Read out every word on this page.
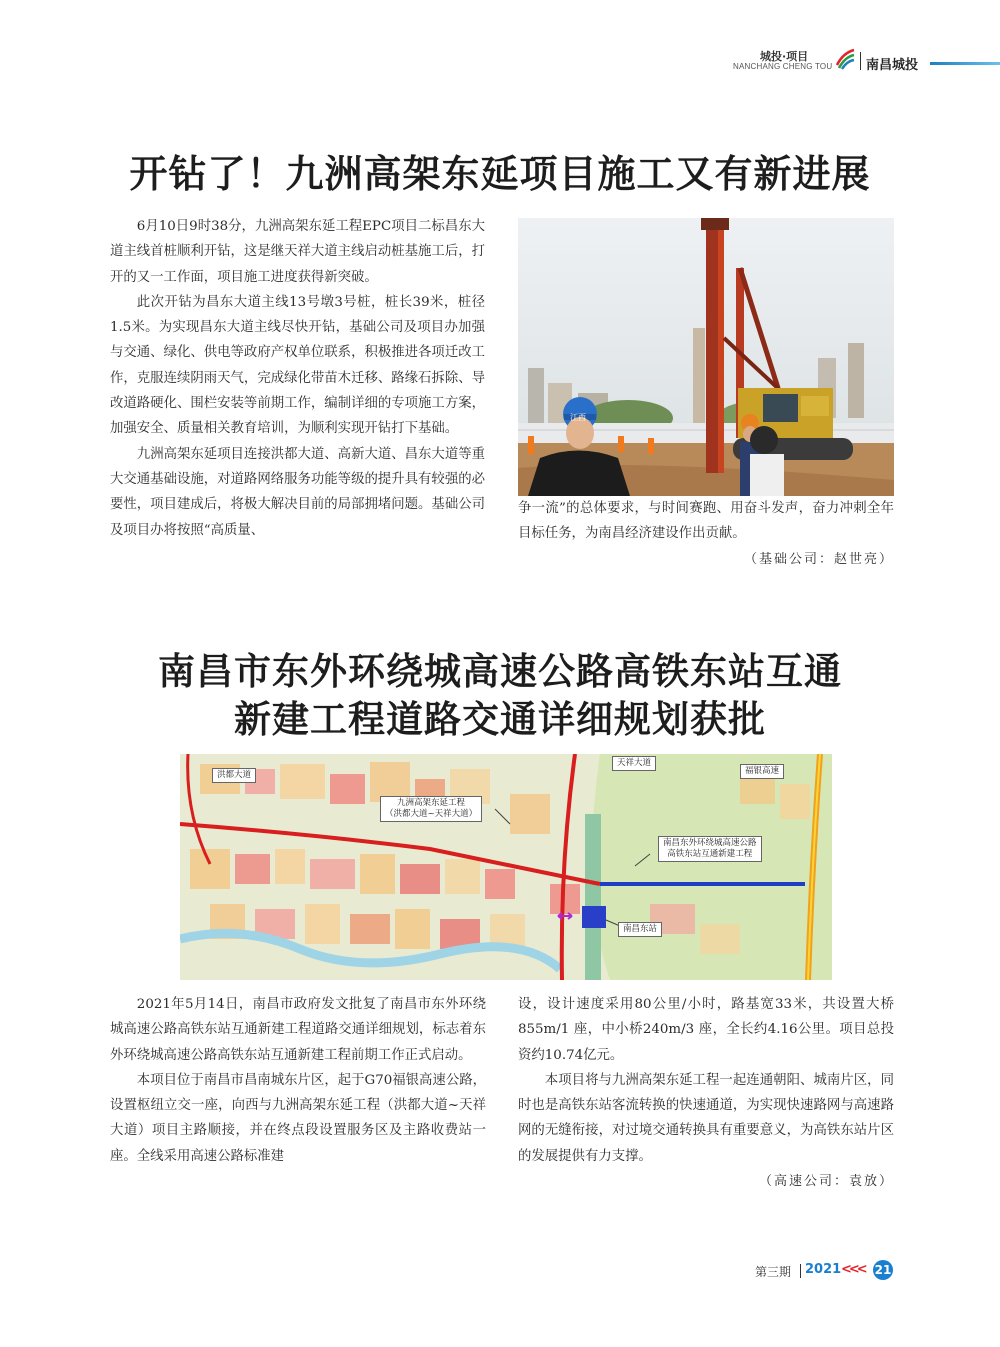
城投·项目
NANCHANG CHENG TOU	南昌城投
开钻了！九洲高架东延项目施工又有新进展

6月10日9时38分，九洲高架东延工程EPC项目二标昌东大道主线首桩顺利开钻，这是继天祥大道主线启动桩基施工后，打开的又一工作面，项目施工进度获得新突破。

此次开钻为昌东大道主线13号墩3号桩，桩长39米，桩径1.5米。为实现昌东大道主线尽快开钻，基础公司及项目办加强与交通、绿化、供电等政府产权单位联系，积极推进各项迁改工作，克服连续阴雨天气，完成绿化带苗木迁移、路缘石拆除、导改道路硬化、围栏安装等前期工作，编制详细的专项施工方案，加强安全、质量相关教育培训，为顺利实现开钻打下基础。

九洲高架东延项目连接洪都大道、高新大道、昌东大道等重大交通基础设施，对道路网络服务功能等级的提升具有较强的必要性，项目建成后，将极大解决目前的局部拥堵问题。基础公司及项目办将按照“高质量、

江西

争一流”的总体要求，与时间赛跑、用奋斗发声，奋力冲刺全年目标任务，为南昌经济建设作出贡献。

（基础公司：赵世亮）
南昌市东外环绕城高速公路高铁东站互通
新建工程道路交通详细规划获批
洪都大道
天祥大道
福银高速
九洲高架东延工程
（洪都大道~天祥大道）
南昌东外环绕城高速公路
高铁东站互通新建工程
南昌东站

2021年5月14日，南昌市政府发文批复了南昌市东外环绕城高速公路高铁东站互通新建工程道路交通详细规划，标志着东外环绕城高速公路高铁东站互通新建工程前期工作正式启动。

本项目位于南昌市昌南城东片区，起于G70福银高速公路，设置枢纽立交一座，向西与九洲高架东延工程（洪都大道~天祥大道）项目主路顺接，并在终点段设置服务区及主路收费站一座。全线采用高速公路标准建

设，设计速度采用80公里/小时，路基宽33米，共设置大桥855m/1 座，中小桥240m/3 座，全长约4.16公里。项目总投资约10.74亿元。

本项目将与九洲高架东延工程一起连通朝阳、城南片区，同时也是高铁东站客流转换的快速通道，为实现快速路网与高速路网的无缝衔接，对过境交通转换具有重要意义，为高铁东站片区的发展提供有力支撑。

（高速公司：袁放）
第三期 2021 <<< 21
